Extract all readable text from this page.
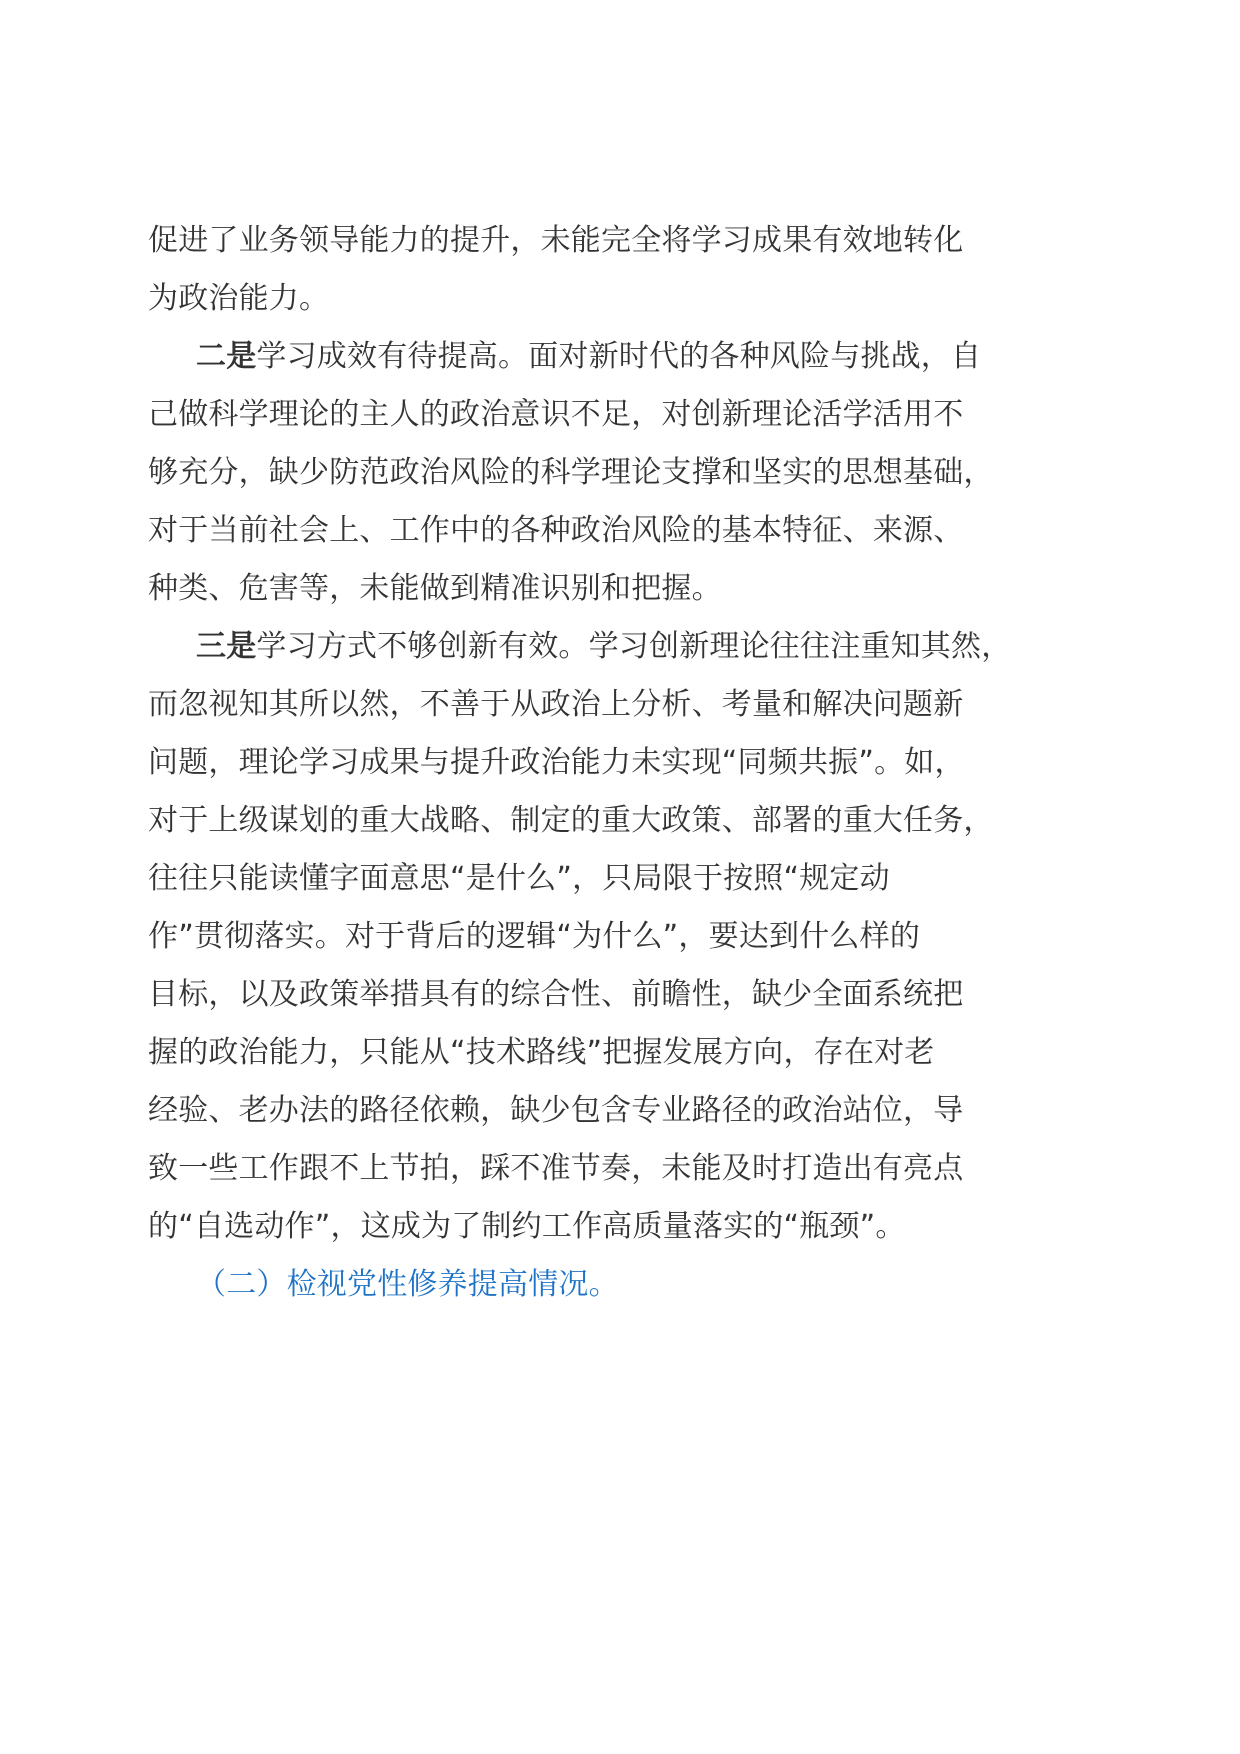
促进了业务领导能力的提升，未能完全将学习成果有效地转化
为政治能力。
二是学习成效有待提高。面对新时代的各种风险与挑战，自
己做科学理论的主人的政治意识不足，对创新理论活学活用不
够充分，缺少防范政治风险的科学理论支撑和坚实的思想基础，
对于当前社会上、工作中的各种政治风险的基本特征、来源、
种类、危害等，未能做到精准识别和把握。
三是学习方式不够创新有效。学习创新理论往往注重知其然，
而忽视知其所以然，不善于从政治上分析、考量和解决问题新
问题，理论学习成果与提升政治能力未实现“同频共振”。如，
对于上级谋划的重大战略、制定的重大政策、部署的重大任务，
往往只能读懂字面意思“是什么”，只局限于按照“规定动
作”贯彻落实。对于背后的逻辑“为什么”，要达到什么样的
目标，以及政策举措具有的综合性、前瞻性，缺少全面系统把
握的政治能力，只能从“技术路线”把握发展方向，存在对老
经验、老办法的路径依赖，缺少包含专业路径的政治站位，导
致一些工作跟不上节拍，踩不准节奏，未能及时打造出有亮点
的“自选动作”，这成为了制约工作高质量落实的“瓶颈”。
（二）检视党性修养提高情况。
